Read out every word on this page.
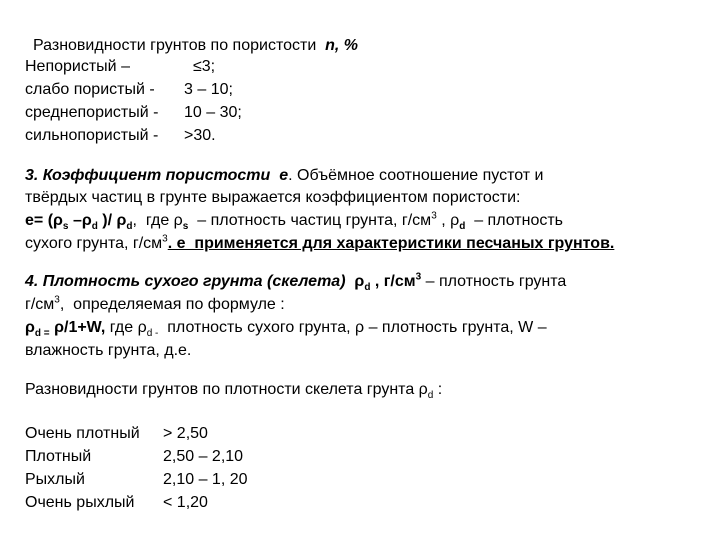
Разновидности грунтов по пористости n, %
Непористый –	≤3;
слабо пористый - 3 – 10;
среднепористый - 10 – 30;
сильнопористый - >30.
3. Коэффициент пористости е. Объёмное соотношение пустот и
твёрдых частиц в грунте выражается коэффициентом пористости:
$е= (\rho_s$ $-\rho_d$ )/ $\rho_d$,  где $\rho_s$ – плотность частиц грунта, $г/см^3$ , $\rho_d$ – плотность
сухого грунта, $г/см^3$. е  применяется для характеристики песчаных грунтов.
4. Плотность сухого грунта (скелета) $\rho_d$ , $г/см^3$ – плотность грунта
$г/см^3$,  определяемая по формуле :
$\rho_{d =}$ ρ/1+W, где $\rho_{d -}$ плотность сухого грунта, ρ – плотность грунта, W –
влажность грунта, д.е.
Разновидности грунтов по плотности скелета грунта $\rho_d$ :
Очень плотный > 2,50
Плотный	2,50 – 2,10
Рыхлый	2,10 – 1, 20
Очень рыхлый < 1,20
